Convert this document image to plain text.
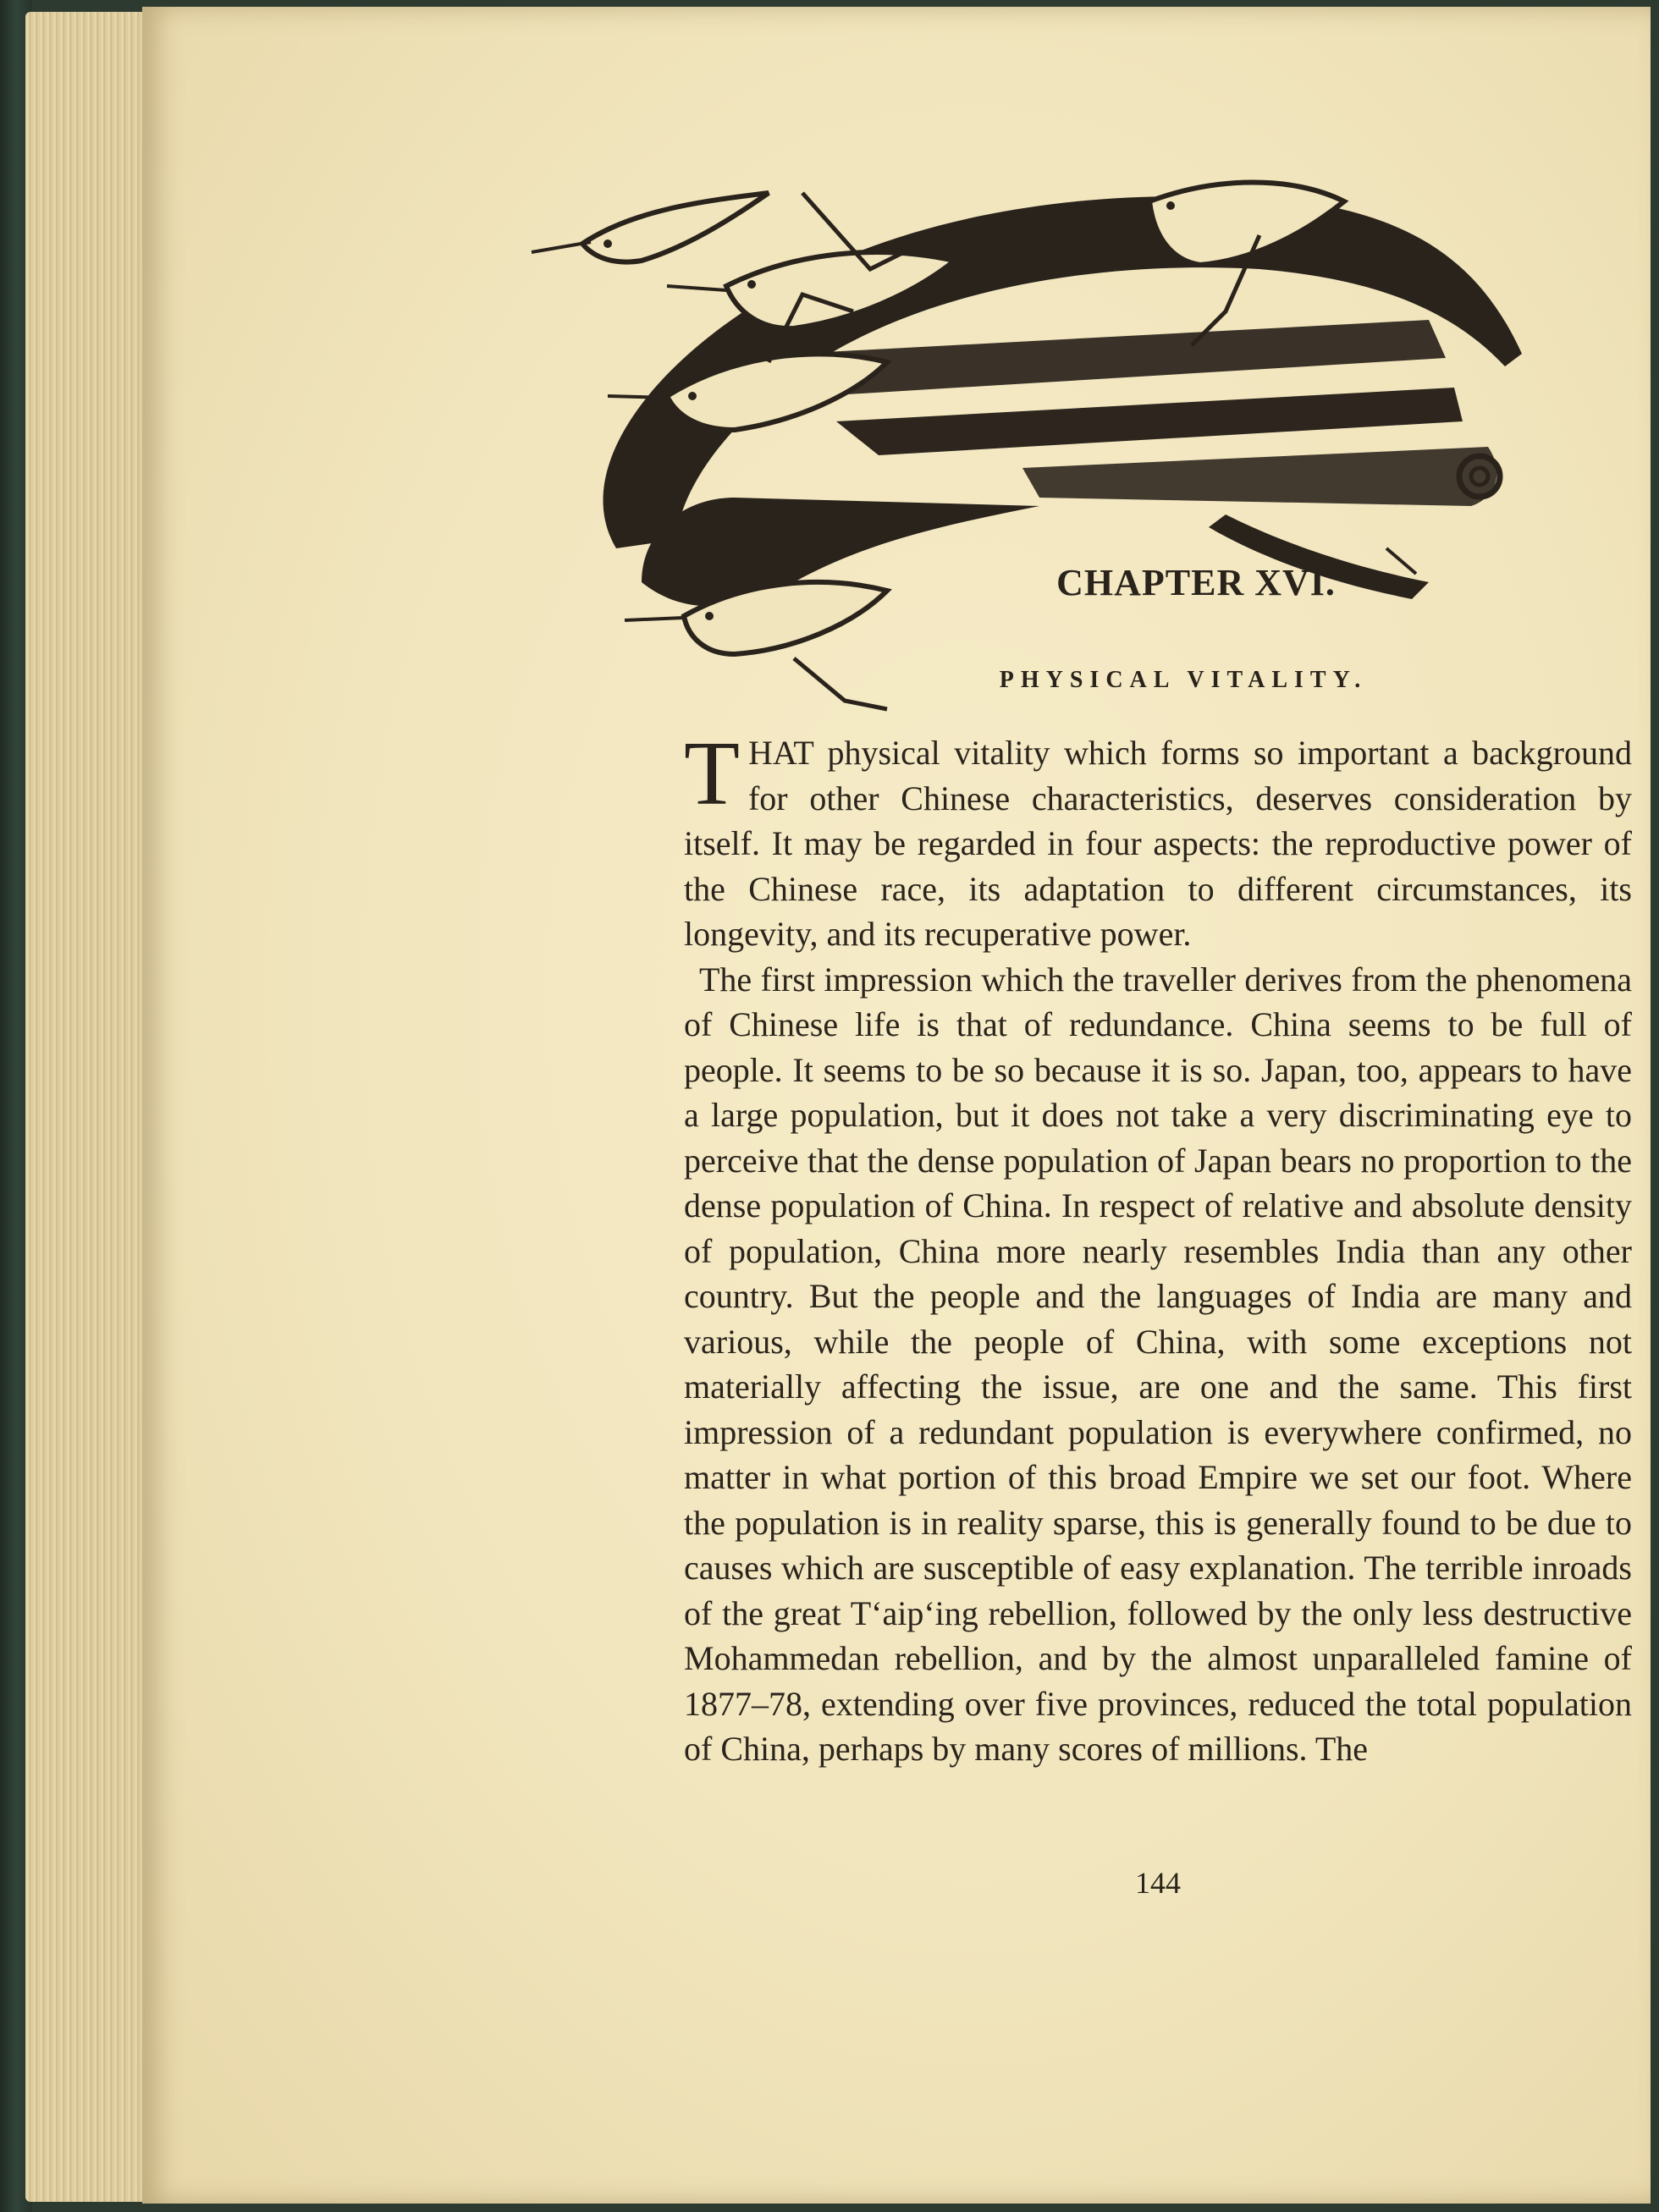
CHAPTER XVI.
PHYSICAL VITALITY.

THAT physical vitality which forms so important a background for other Chinese characteristics, deserves consideration by itself. It may be regarded in four aspects: the reproductive power of the Chinese race, its adaptation to different circumstances, its longevity, and its recuperative power.

The first impression which the traveller derives from the phenomena of Chinese life is that of redundance. China seems to be full of people. It seems to be so because it is so. Japan, too, appears to have a large population, but it does not take a very discriminating eye to perceive that the dense population of Japan bears no proportion to the dense population of China. In respect of relative and absolute density of population, China more nearly resembles India than any other country. But the people and the languages of India are many and various, while the people of China, with some exceptions not materially affecting the issue, are one and the same. This first impression of a redundant population is everywhere confirmed, no matter in what portion of this broad Empire we set our foot. Where the population is in reality sparse, this is generally found to be due to causes which are susceptible of easy explanation. The terrible inroads of the great T‘aip‘ing rebellion, followed by the only less destructive Mohammedan rebellion, and by the almost unparalleled famine of 1877–78, extending over five provinces, reduced the total population of China, perhaps by many scores of millions. The

144
